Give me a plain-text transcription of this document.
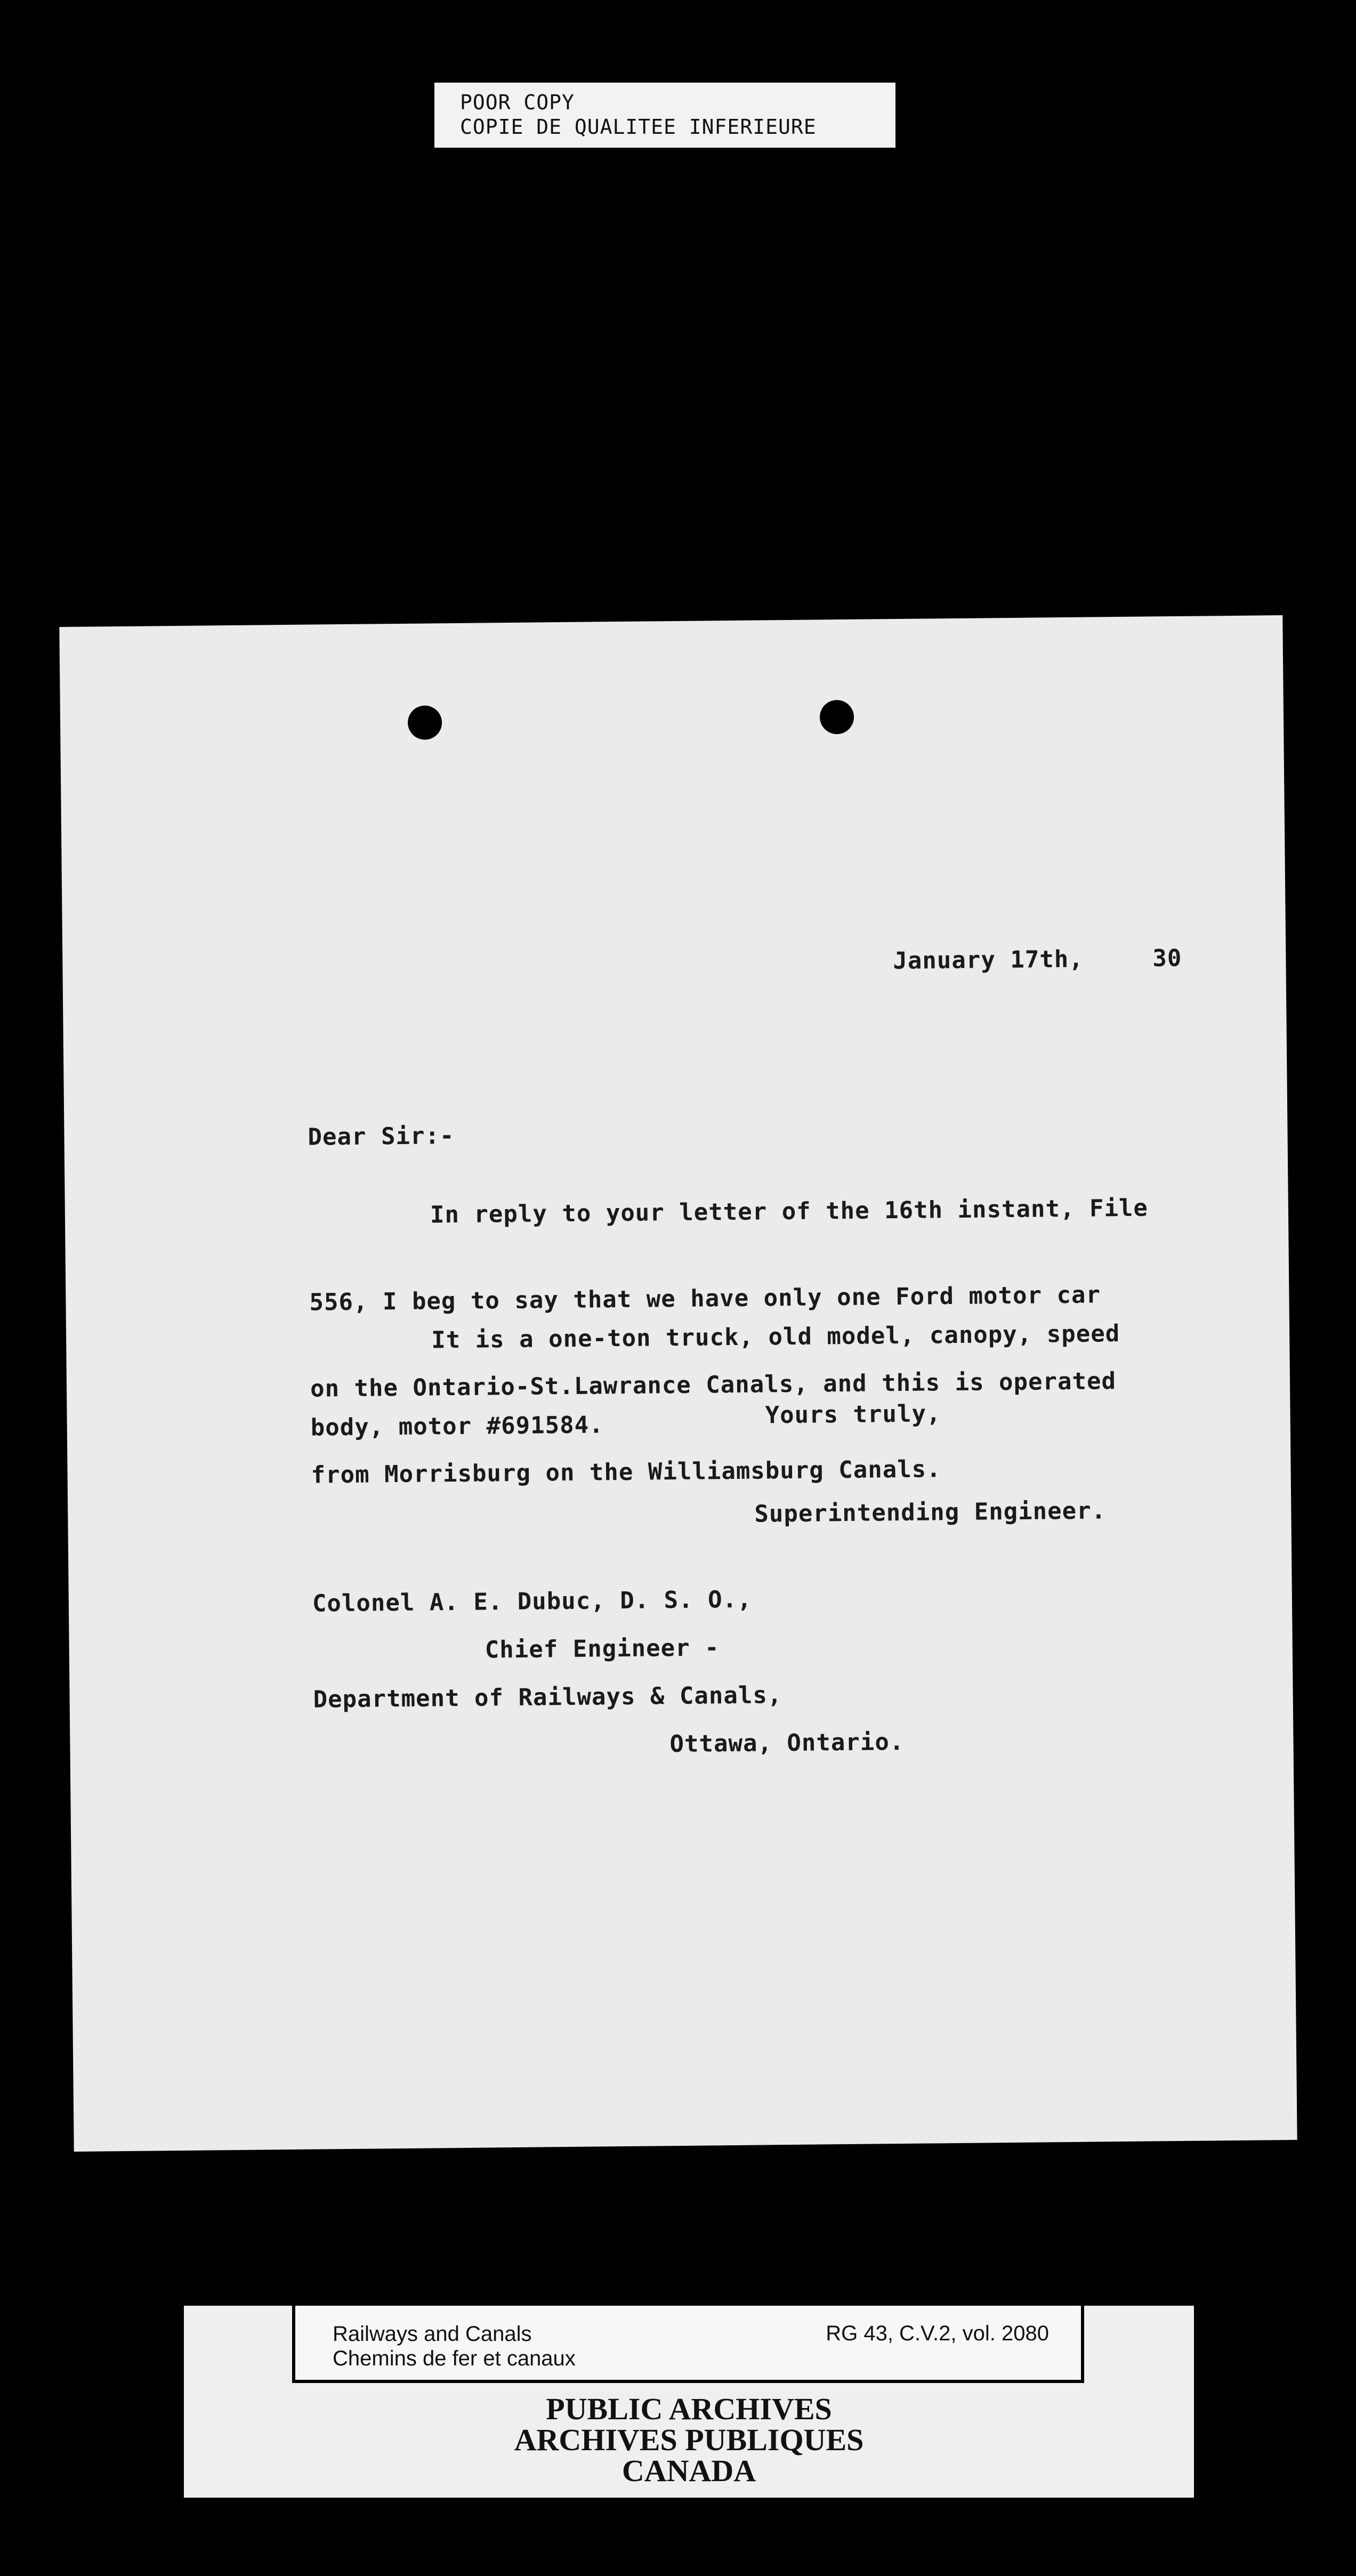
POOR COPY
COPIE DE QUALITEE INFERIEURE
January 17th,	30
Dear Sir:-

In reply to your letter of the 16th instant, File

556, I beg to say that we have only one Ford motor car

on the Ontario-St.Lawrance Canals, and this is operated

from Morrisburg on the Williamsburg Canals.

It is a one-ton truck, old model, canopy, speed

body, motor #691584.

	Yours truly,
Superintending Engineer.
Colonel A. E. Dubuc, D. S. O.,
Chief Engineer -
Department of Railways & Canals,
Ottawa, Ontario.
Railways and Canals
Chemins de fer et canaux
RG 43, C.V.2, vol. 2080
PUBLIC ARCHIVES
ARCHIVES PUBLIQUES
CANADA
